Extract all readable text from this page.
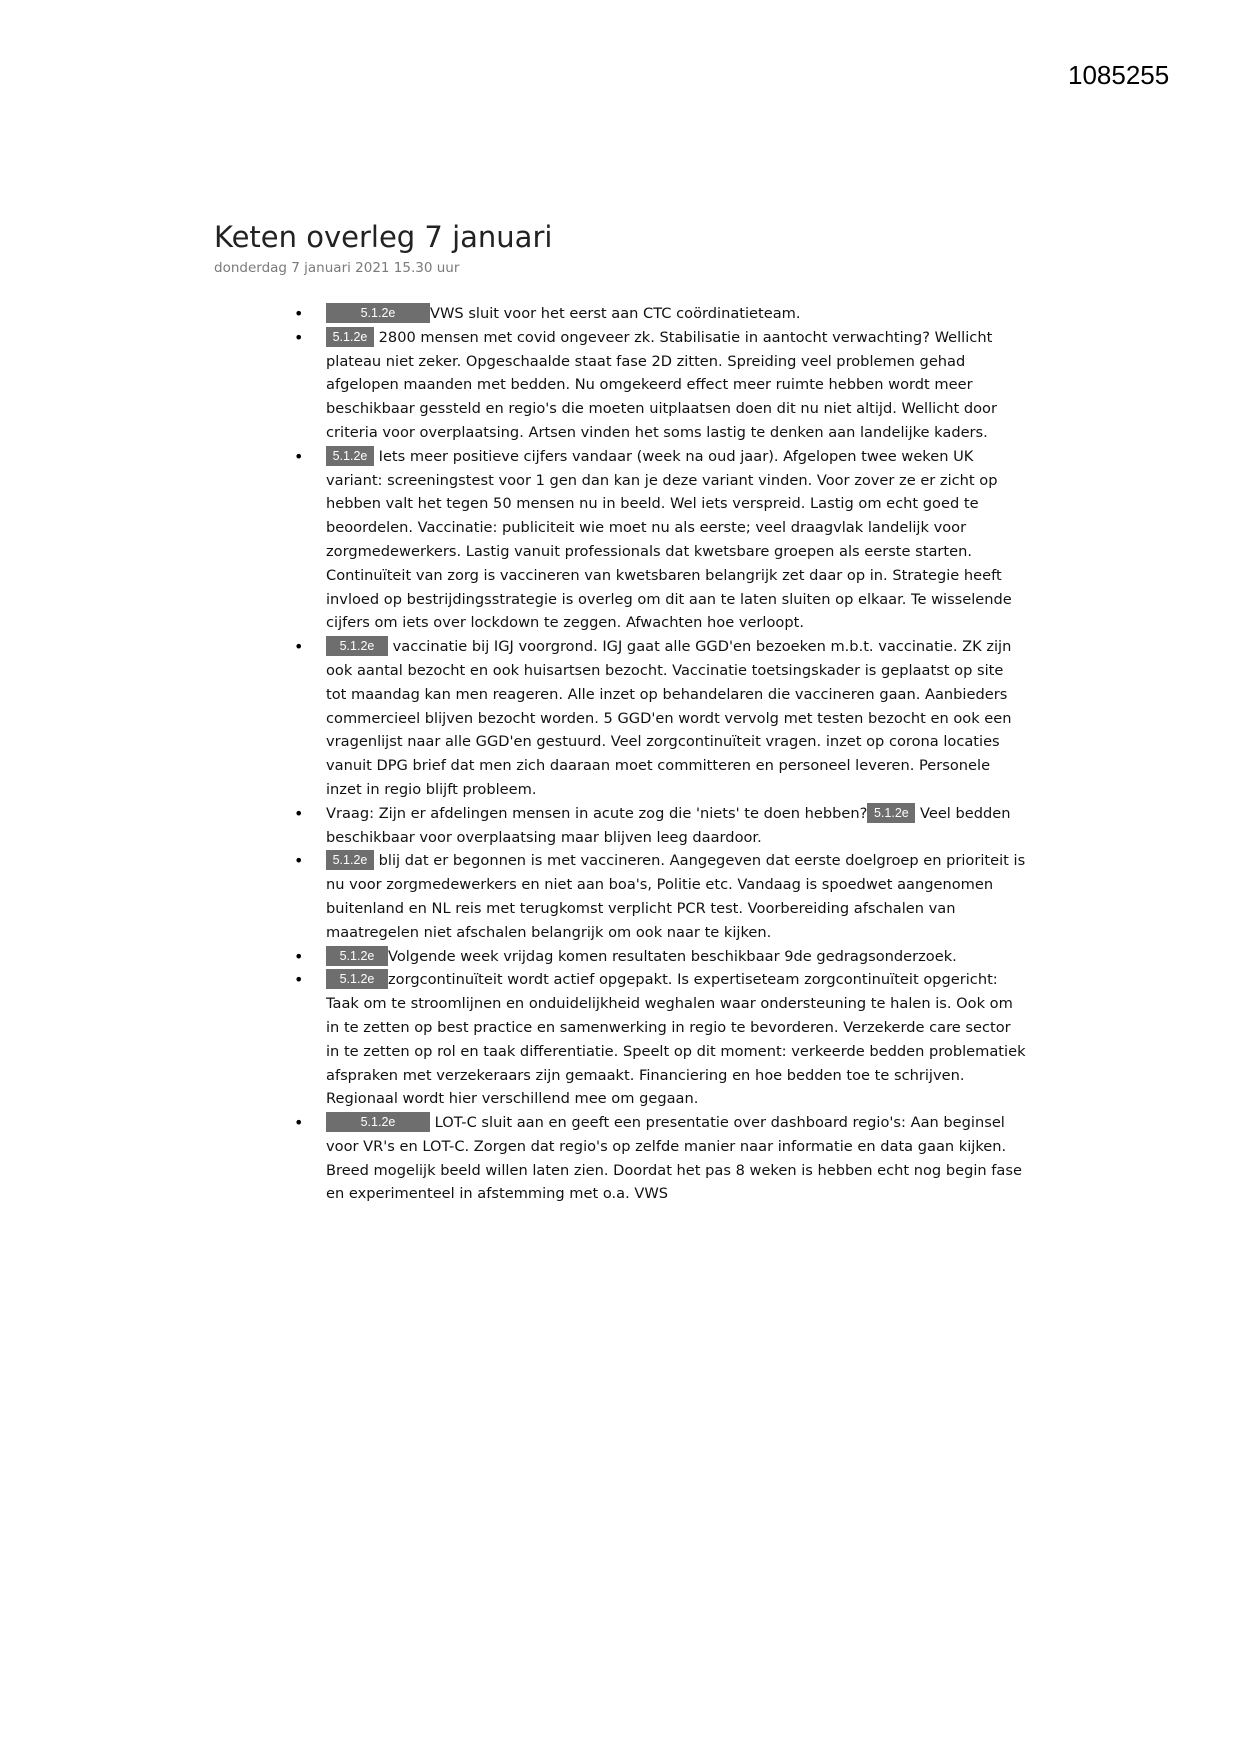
1085255
Keten overleg 7 januari
donderdag 7 januari 2021 15.30 uur
• 5.1.2e VWS sluit voor het eerst aan CTC coördinatieteam.
• 5.1.2e 2800 mensen met covid ongeveer zk. Stabilisatie in aantocht verwachting? Wellicht plateau niet zeker. Opgeschaalde staat fase 2D zitten. Spreiding veel problemen gehad afgelopen maanden met bedden. Nu omgekeerd effect meer ruimte hebben wordt meer beschikbaar gessteld en regio's die moeten uitplaatsen doen dit nu niet altijd. Wellicht door criteria voor overplaatsing. Artsen vinden het soms lastig te denken aan landelijke kaders.
• 5.1.2e Iets meer positieve cijfers vandaar (week na oud jaar). Afgelopen twee weken UK variant: screeningstest voor 1 gen dan kan je deze variant vinden. Voor zover ze er zicht op hebben valt het tegen 50 mensen nu in beeld. Wel iets verspreid. Lastig om echt goed te beoordelen. Vaccinatie: publiciteit wie moet nu als eerste; veel draagvlak landelijk voor zorgmedewerkers. Lastig vanuit professionals dat kwetsbare groepen als eerste starten. Continuïteit van zorg is vaccineren van kwetsbaren belangrijk zet daar op in. Strategie heeft invloed op bestrijdingsstrategie is overleg om dit aan te laten sluiten op elkaar. Te wisselende cijfers om iets over lockdown te zeggen. Afwachten hoe verloopt.
• 5.1.2e vaccinatie bij IGJ voorgrond. IGJ gaat alle GGD'en bezoeken m.b.t. vaccinatie. ZK zijn ook aantal bezocht en ook huisartsen bezocht. Vaccinatie toetsingskader is geplaatst op site tot maandag kan men reageren. Alle inzet op behandelaren die vaccineren gaan. Aanbieders commercieel blijven bezocht worden. 5 GGD'en wordt vervolg met testen bezocht en ook een vragenlijst naar alle GGD'en gestuurd. Veel zorgcontinuïteit vragen. inzet op corona locaties vanuit DPG brief dat men zich daaraan moet committeren en personeel leveren. Personele inzet in regio blijft probleem.
• Vraag: Zijn er afdelingen mensen in acute zog die 'niets' te doen hebben? 5.1.2e Veel bedden beschikbaar voor overplaatsing maar blijven leeg daardoor.
• 5.1.2e blij dat er begonnen is met vaccineren. Aangegeven dat eerste doelgroep en prioriteit is nu voor zorgmedewerkers en niet aan boa's, Politie etc. Vandaag is spoedwet aangenomen buitenland en NL reis met terugkomst verplicht PCR test. Voorbereiding afschalen van maatregelen niet afschalen belangrijk om ook naar te kijken.
• 5.1.2e Volgende week vrijdag komen resultaten beschikbaar 9de gedragsonderzoek.
• 5.1.2e zorgcontinuïteit wordt actief opgepakt. Is expertiseteam zorgcontinuïteit opgericht: Taak om te stroomlijnen en onduidelijkheid weghalen waar ondersteuning te halen is. Ook om in te zetten op best practice en samenwerking in regio te bevorderen. Verzekerde care sector in te zetten op rol en taak differentiatie. Speelt op dit moment: verkeerde bedden problematiek afspraken met verzekeraars zijn gemaakt. Financiering en hoe bedden toe te schrijven. Regionaal wordt hier verschillend mee om gegaan.
• 5.1.2e	LOT-C sluit aan en geeft een presentatie over dashboard regio's: Aan beginsel voor VR's en LOT-C. Zorgen dat regio's op zelfde manier naar informatie en data gaan kijken. Breed mogelijk beeld willen laten zien. Doordat het pas 8 weken is hebben echt nog begin fase en experimenteel in afstemming met o.a. VWS
